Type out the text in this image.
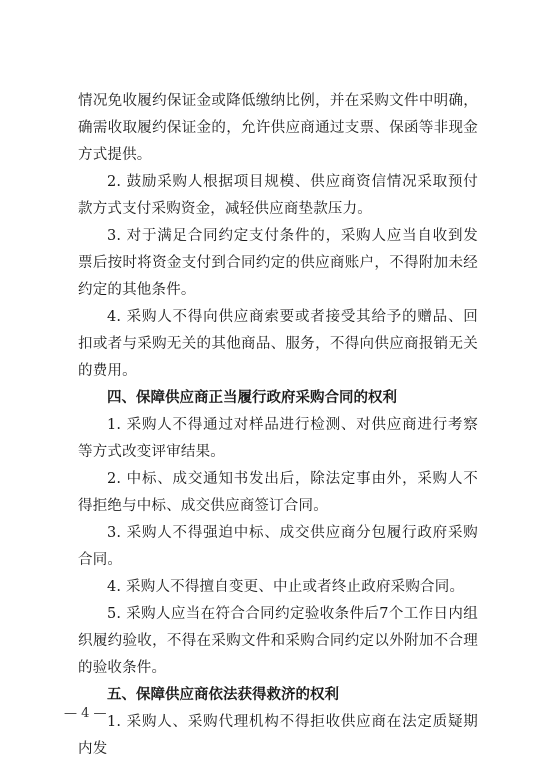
情况免收履约保证金或降低缴纳比例，并在采购文件中明确，确需收取履约保证金的，允许供应商通过支票、保函等非现金方式提供。

2. 鼓励采购人根据项目规模、供应商资信情况采取预付款方式支付采购资金，减轻供应商垫款压力。

3. 对于满足合同约定支付条件的，采购人应当自收到发票后按时将资金支付到合同约定的供应商账户，不得附加未经约定的其他条件。

4. 采购人不得向供应商索要或者接受其给予的赠品、回扣或者与采购无关的其他商品、服务，不得向供应商报销无关的费用。

四、保障供应商正当履行政府采购合同的权利

1. 采购人不得通过对样品进行检测、对供应商进行考察等方式改变评审结果。

2. 中标、成交通知书发出后，除法定事由外，采购人不得拒绝与中标、成交供应商签订合同。

3. 采购人不得强迫中标、成交供应商分包履行政府采购合同。

4. 采购人不得擅自变更、中止或者终止政府采购合同。

5. 采购人应当在符合合同约定验收条件后7个工作日内组织履约验收，不得在采购文件和采购合同约定以外附加不合理的验收条件。

五、保障供应商依法获得救济的权利

1. 采购人、采购代理机构不得拒收供应商在法定质疑期内发

— 4 —
